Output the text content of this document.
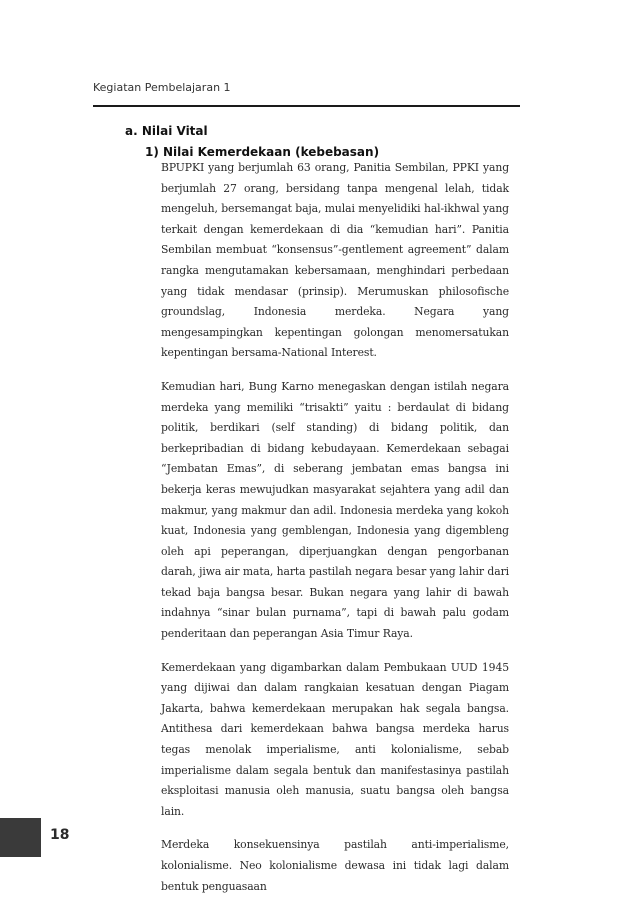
Kegiatan Pembelajaran 1
a. Nilai Vital
1) Nilai Kemerdekaan (kebebasan)

BPUPKI yang berjumlah 63 orang, Panitia Sembilan, PPKI yang berjumlah 27 orang, bersidang tanpa mengenal lelah, tidak mengeluh, bersemangat baja, mulai menyelidiki hal-ikhwal yang terkait dengan kemerdekaan di dia “kemudian hari”. Panitia Sembilan membuat “konsensus”-gentlement agreement” dalam rangka mengutamakan kebersamaan, menghindari perbedaan yang tidak mendasar (prinsip). Merumuskan philosofische groundslag, Indonesia merdeka. Negara yang mengesampingkan kepentingan golongan menomersatukan kepentingan bersama-National Interest.

Kemudian hari, Bung Karno menegaskan dengan istilah negara merdeka yang memiliki “trisakti” yaitu : berdaulat di bidang politik, berdikari (self standing) di bidang politik, dan berkepribadian di bidang kebudayaan. Kemerdekaan sebagai “Jembatan Emas”, di seberang jembatan emas bangsa ini bekerja keras mewujudkan masyarakat sejahtera yang adil dan makmur, yang makmur dan adil. Indonesia merdeka yang kokoh kuat, Indonesia yang gemblengan, Indonesia yang digembleng oleh api peperangan, diperjuangkan dengan pengorbanan darah, jiwa air mata, harta pastilah negara besar yang lahir dari tekad baja bangsa besar. Bukan negara yang lahir di bawah indahnya “sinar bulan purnama”, tapi di bawah palu godam penderitaan dan peperangan Asia Timur Raya.

Kemerdekaan yang digambarkan dalam Pembukaan UUD 1945 yang dijiwai dan dalam rangkaian kesatuan dengan Piagam Jakarta, bahwa kemerdekaan merupakan hak segala bangsa. Antithesa dari kemerdekaan bahwa bangsa merdeka harus tegas menolak imperialisme, anti kolonialisme, sebab imperialisme dalam segala bentuk dan manifestasinya pastilah eksploitasi manusia oleh manusia, suatu bangsa oleh bangsa lain.

Merdeka konsekuensinya pastilah anti-imperialisme, kolonialisme. Neo kolonialisme dewasa ini tidak lagi dalam bentuk penguasaan

18
